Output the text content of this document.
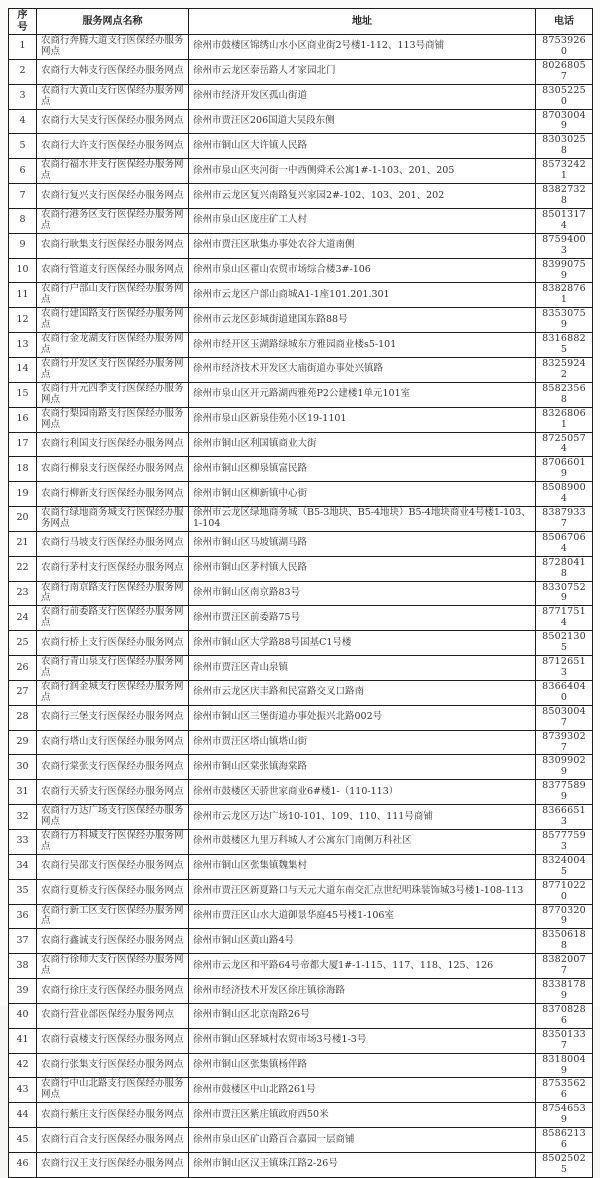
序号	服务网点名称	地址	电话
1	农商行奔腾大道支行医保经办服务网点	徐州市鼓楼区锦绣山水小区商业街2号楼1-112、113号商铺	87539260
2	农商行大韩支行医保经办服务网点	徐州市云龙区泰岳路人才家园北门	80268057
3	农商行大黄山支行医保经办服务网点	徐州市经济开发区孤山街道	83052250
4	农商行大吴支行医保经办服务网点	徐州市贾汪区206国道大吴段东侧	87030049
5	农商行大许支行医保经办服务网点	徐州市铜山区大许镇人民路	83030258
6	农商行福水井支行医保经办服务网点	徐州市泉山区夹河街一中西侧舜禾公寓1#-1-103、201、205	85732421
7	农商行复兴支行医保经办服务网点	徐州市云龙区复兴南路复兴家园2#-102、103、201、202	83827328
8	农商行港务区支行医保经办服务网点	徐州市泉山区庞庄矿工人村	85013174
9	农商行耿集支行医保经办服务网点	徐州市贾汪区耿集办事处农谷大道南侧	87594003
10	农商行管道支行医保经办服务网点	徐州市泉山区翟山农贸市场综合楼3#-106	83990759
11	农商行户部山支行医保经办服务网点	徐州市云龙区户部山商城A1-1座101.201.301	83828761
12	农商行建国路支行医保经办服务网点	徐州市云龙区彭城街道建国东路88号	83530759
13	农商行金龙湖支行医保经办服务网点	徐州市经开区玉湖路绿城东方雅园商业楼s5-101	83168825
14	农商行开发区支行医保经办服务网点	徐州市经济技术开发区大庙街道办事处兴镇路	83259242
15	农商行开元四季支行医保经办服务网点	徐州市泉山区开元路湖西雅苑P2公建楼1单元101室	85823568
16	农商行梨园南路支行医保经办服务网点	徐州市泉山区新泉佳苑小区19-1101	83268061
17	农商行利国支行医保经办服务网点	徐州市铜山区利国镇商业大街	87250574
18	农商行柳泉支行医保经办服务网点	徐州市铜山区柳泉镇富民路	87066019
19	农商行柳新支行医保经办服务网点	徐州市铜山区柳新镇中心街	85089004
20	农商行绿地商务城支行医保经办服务网点	徐州市云龙区绿地商务城（B5-3地块、B5-4地块）B5-4地块商业4号楼1-103、1-104	83879337
21	农商行马坡支行医保经办服务网点	徐州市铜山区马坡镇湖马路	85067064
22	农商行茅村支行医保经办服务网点	徐州市铜山区茅村镇人民路	87280418
23	农商行南京路支行医保经办服务网点	徐州市铜山区南京路83号	83307529
24	农商行前委路支行医保经办服务网点	徐州市贾汪区前委路75号	87717514
25	农商行桥上支行医保经办服务网点	徐州市铜山区大学路88号国基C1号楼	85021305
26	农商行青山泉支行医保经办服务网点	徐州市贾汪区青山泉镇	87126513
27	农商行润金城支行医保经办服务网点	徐州市云龙区庆丰路和民富路交叉口路南	83664040
28	农商行三堡支行医保经办服务网点	徐州市铜山区三堡街道办事处振兴北路002号	85030047
29	农商行塔山支行医保经办服务网点	徐州市贾汪区塔山镇塔山街	87393027
30	农商行棠张支行医保经办服务网点	徐州市铜山区棠张镇海棠路	83099029
31	农商行天骄支行医保经办服务网点	徐州市鼓楼区天骄世家商业6#楼1-（110-113）	83775899
32	农商行万达广场支行医保经办服务网点	徐州市云龙区万达广场10-101、109、110、111号商铺	83666513
33	农商行万科城支行医保经办服务网点	徐州市鼓楼区九里万科城人才公寓东门南侧万科社区	85777593
34	农商行吴邵支行医保经办服务网点	徐州市铜山区张集镇魏集村	83240045
35	农商行夏桥支行医保经办服务网点	徐州市贾汪区新夏路口与天元大道东南交汇点世纪明珠装饰城3号楼1-108-113	87710220
36	农商行新工区支行医保经办服务网点	徐州市贾汪区山水大道御景华庭45号楼1-106室	87703209
37	农商行鑫诚支行医保经办服务网点	徐州市铜山区黄山路4号	83506188
38	农商行徐师大支行医保经办服务网点	徐州市云龙区和平路64号帝都大厦1#-1-115、117、118、125、126	83820077
39	农商行徐庄支行医保经办服务网点	徐州市经济技术开发区徐庄镇徐海路	83381789
40	农商行营业部医保经办服务网点	徐州市铜山区北京南路26号	83708286
41	农商行袁楼支行医保经办服务网点	徐州市铜山区驿城村农贸市场3号楼1-3号	83501337
42	农商行张集支行医保经办服务网点	徐州市铜山区张集镇杨伴路	83180049
43	农商行中山北路支行医保经办服务网点	徐州市鼓楼区中山北路261号	87535626
44	农商行紫庄支行医保经办服务网点	徐州市贾汪区紫庄镇政府西50米	87546539
45	农商行百合支行医保经办服务网点	徐州市泉山区矿山路百合嘉园一层商铺	85862136
46	农商行汉王支行医保经办服务网点	徐州市铜山区汉王镇珠江路2-26号	85025025
